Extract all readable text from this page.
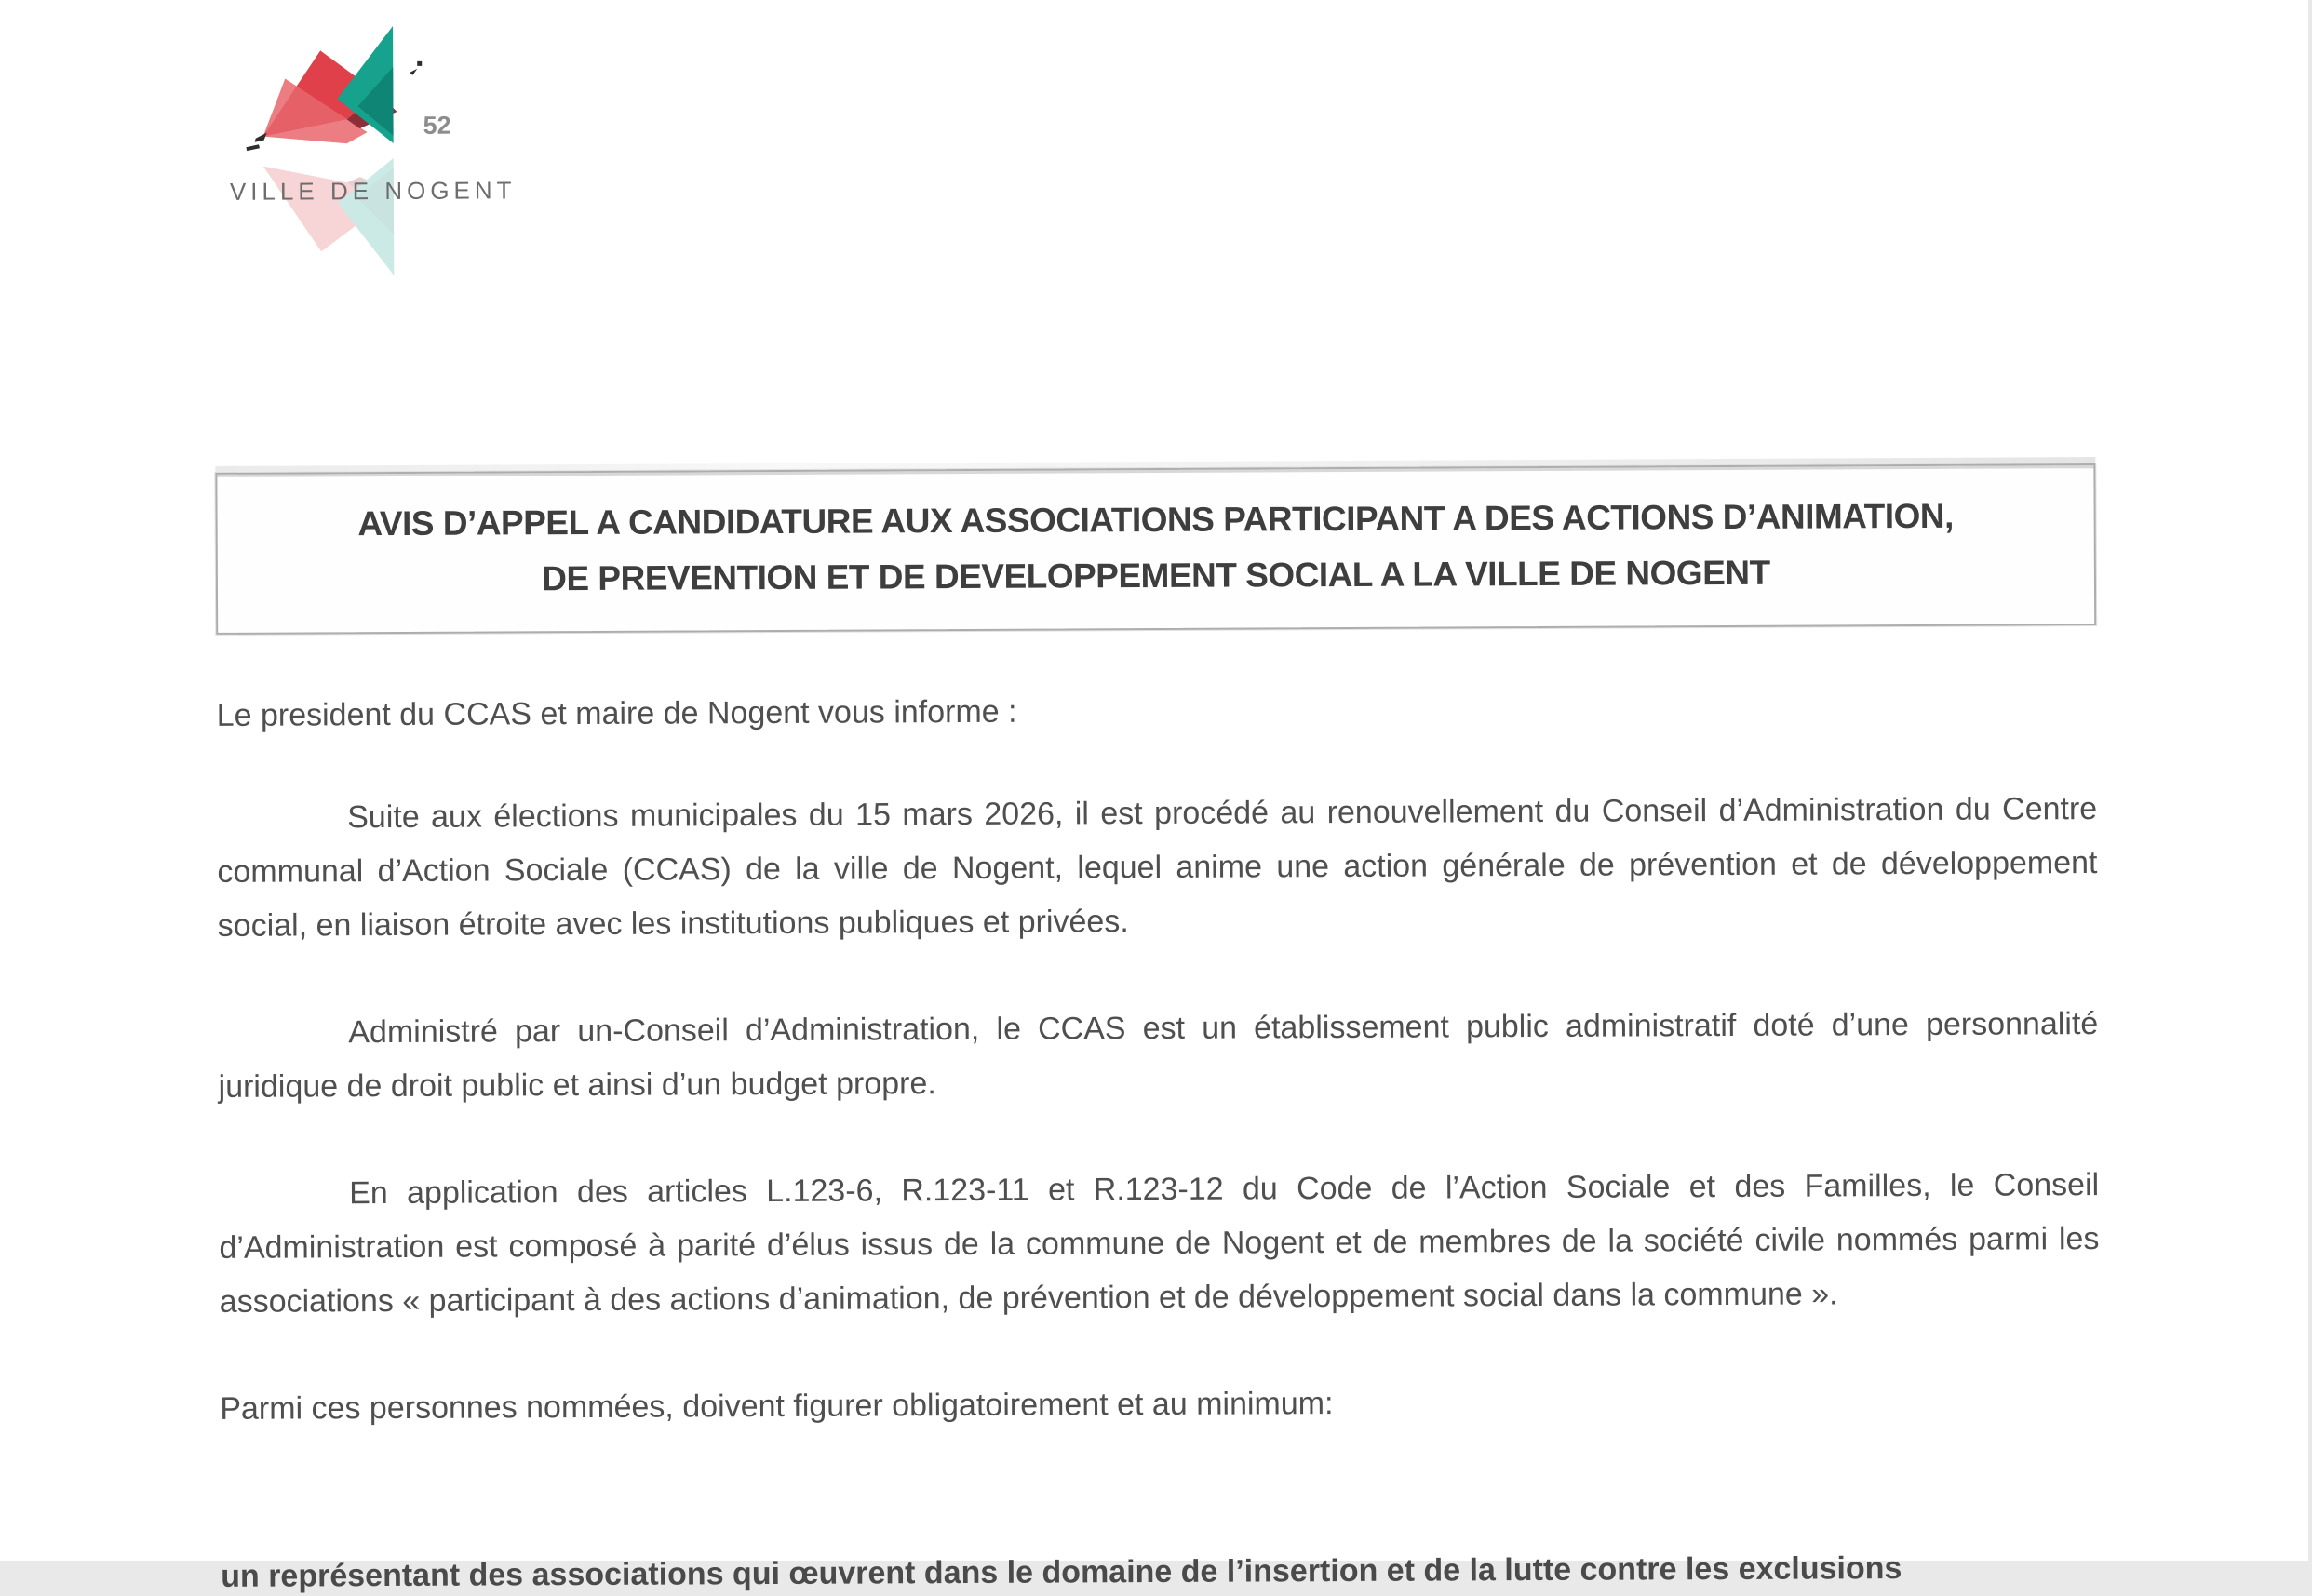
52
VILLE DE NOGENT
AVIS D’APPEL A CANDIDATURE AUX ASSOCIATIONS PARTICIPANT A DES ACTIONS D’ANIMATION,
DE PREVENTION ET DE DEVELOPPEMENT SOCIAL A LA VILLE DE NOGENT

Le president du CCAS et maire de Nogent vous informe :

Suite aux élections municipales du 15 mars 2026, il est procédé au renouvellement du Conseil d’Administration du Centre communal d’Action Sociale (CCAS) de la ville de Nogent, lequel anime une action générale de prévention et de développement social, en liaison étroite avec les institutions publiques et privées.

Administré par un-Conseil d’Administration, le CCAS est un établissement public administratif doté d’une personnalité juridique de droit public et ainsi d’un budget propre.

En application des articles L.123-6, R.123-11 et R.123-12 du Code de l’Action Sociale et des Familles, le Conseil d’Administration est composé à parité d’élus issus de la commune de Nogent et de membres de la société civile nommés parmi les associations « participant à des actions d’animation, de prévention et de développement social dans la commune ».

Parmi ces personnes nommées, doivent figurer obligatoirement et au minimum:

un représentant des associations qui œuvrent dans le domaine de l’insertion et de la lutte contre les exclusions
